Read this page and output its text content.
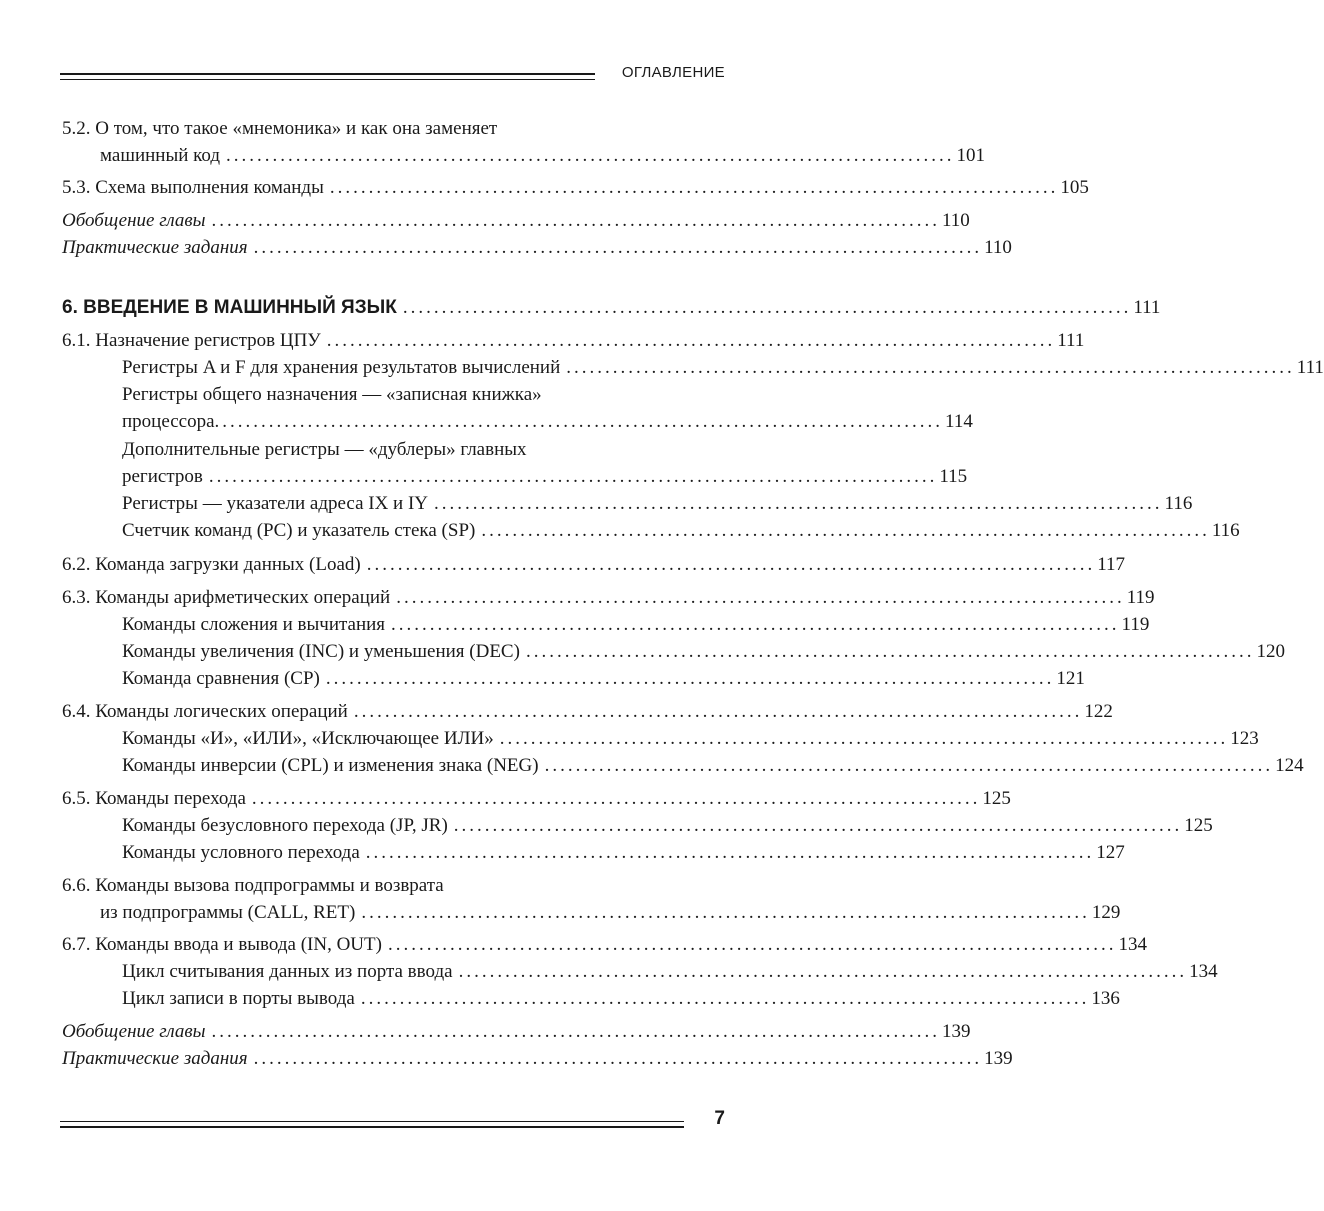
ОГЛАВЛЕНИЕ
5.2. О том, что такое «мнемоника» и как она заменяет
машинный код .............................................................................................. 101
5.3. Схема выполнения команды .............................................................................................. 105
Обобщение главы .............................................................................................. 110
Практические задания .............................................................................................. 110
6. ВВЕДЕНИЕ В МАШИННЫЙ ЯЗЫК .............................................................................................. 111
6.1. Назначение регистров ЦПУ .............................................................................................. 111
Регистры A и F для хранения результатов вычислений .............................................................................................. 111
Регистры общего назначения — «записная книжка»
процессора .............................................................................................. 114
Дополнительные регистры — «дублеры» главных
регистров .............................................................................................. 115
Регистры — указатели адреса IX и IY .............................................................................................. 116
Счетчик команд (PC) и указатель стека (SP) .............................................................................................. 116
6.2. Команда загрузки данных (Load) .............................................................................................. 117
6.3. Команды арифметических операций .............................................................................................. 119
Команды сложения и вычитания .............................................................................................. 119
Команды увеличения (INC) и уменьшения (DEC) .............................................................................................. 120
Команда сравнения (CP) .............................................................................................. 121
6.4. Команды логических операций .............................................................................................. 122
Команды «И», «ИЛИ», «Исключающее ИЛИ» .............................................................................................. 123
Команды инверсии (CPL) и изменения знака (NEG) .............................................................................................. 124
6.5. Команды перехода .............................................................................................. 125
Команды безусловного перехода (JP, JR) .............................................................................................. 125
Команды условного перехода .............................................................................................. 127
6.6. Команды вызова подпрограммы и возврата
из подпрограммы (CALL, RET) .............................................................................................. 129
6.7. Команды ввода и вывода (IN, OUT) .............................................................................................. 134
Цикл считывания данных из порта ввода .............................................................................................. 134
Цикл записи в порты вывода .............................................................................................. 136
Обобщение главы .............................................................................................. 139
Практические задания .............................................................................................. 139
7
